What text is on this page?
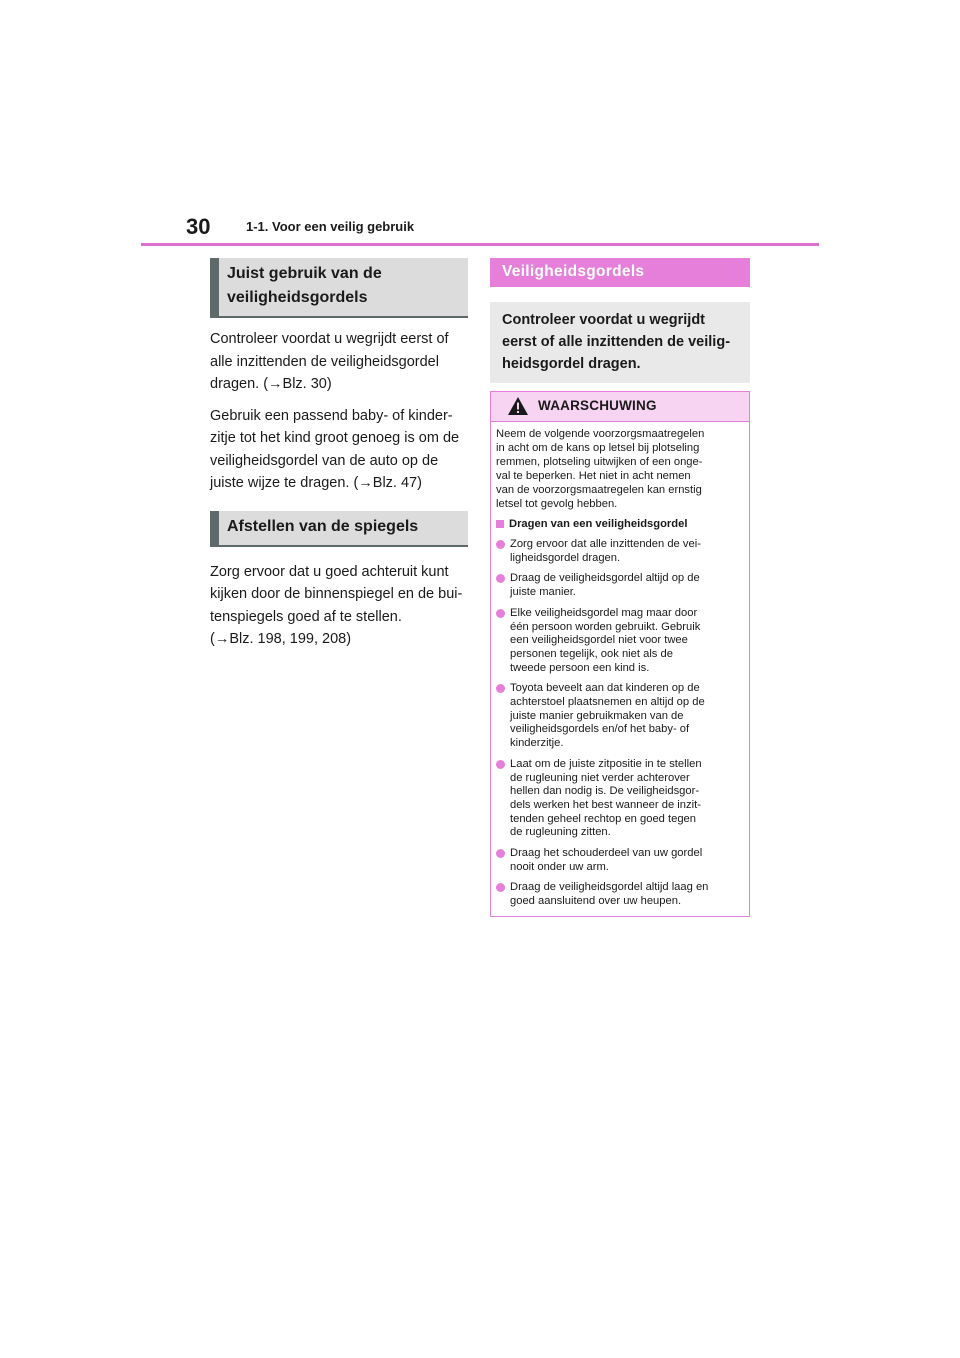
30	1-1. Voor een veilig gebruik
Juist gebruik van de
veiligheidsgordels
Controleer voordat u wegrijdt eerst of
alle inzittenden de veiligheidsgordel
dragen. (→Blz. 30)
Gebruik een passend baby- of kinder-
zitje tot het kind groot genoeg is om de
veiligheidsgordel van de auto op de
juiste wijze te dragen. (→Blz. 47)
Afstellen van de spiegels
Zorg ervoor dat u goed achteruit kunt
kijken door de binnenspiegel en de bui-
tenspiegels goed af te stellen.
(→Blz. 198, 199, 208)
Veiligheidsgordels
Controleer voordat u wegrijdt
eerst of alle inzittenden de veilig-
heidsgordel dragen.
WAARSCHUWING
Neem de volgende voorzorgsmaatregelen
in acht om de kans op letsel bij plotseling
remmen, plotseling uitwijken of een onge-
val te beperken. Het niet in acht nemen
van de voorzorgsmaatregelen kan ernstig
letsel tot gevolg hebben.
Dragen van een veiligheidsgordel
Zorg ervoor dat alle inzittenden de vei-
ligheidsgordel dragen.
Draag de veiligheidsgordel altijd op de
juiste manier.
Elke veiligheidsgordel mag maar door
één persoon worden gebruikt. Gebruik
een veiligheidsgordel niet voor twee
personen tegelijk, ook niet als de
tweede persoon een kind is.
Toyota beveelt aan dat kinderen op de
achterstoel plaatsnemen en altijd op de
juiste manier gebruikmaken van de
veiligheidsgordels en/of het baby- of
kinderzitje.
Laat om de juiste zitpositie in te stellen
de rugleuning niet verder achterover
hellen dan nodig is. De veiligheidsgor-
dels werken het best wanneer de inzit-
tenden geheel rechtop en goed tegen
de rugleuning zitten.
Draag het schouderdeel van uw gordel
nooit onder uw arm.
Draag de veiligheidsgordel altijd laag en
goed aansluitend over uw heupen.
